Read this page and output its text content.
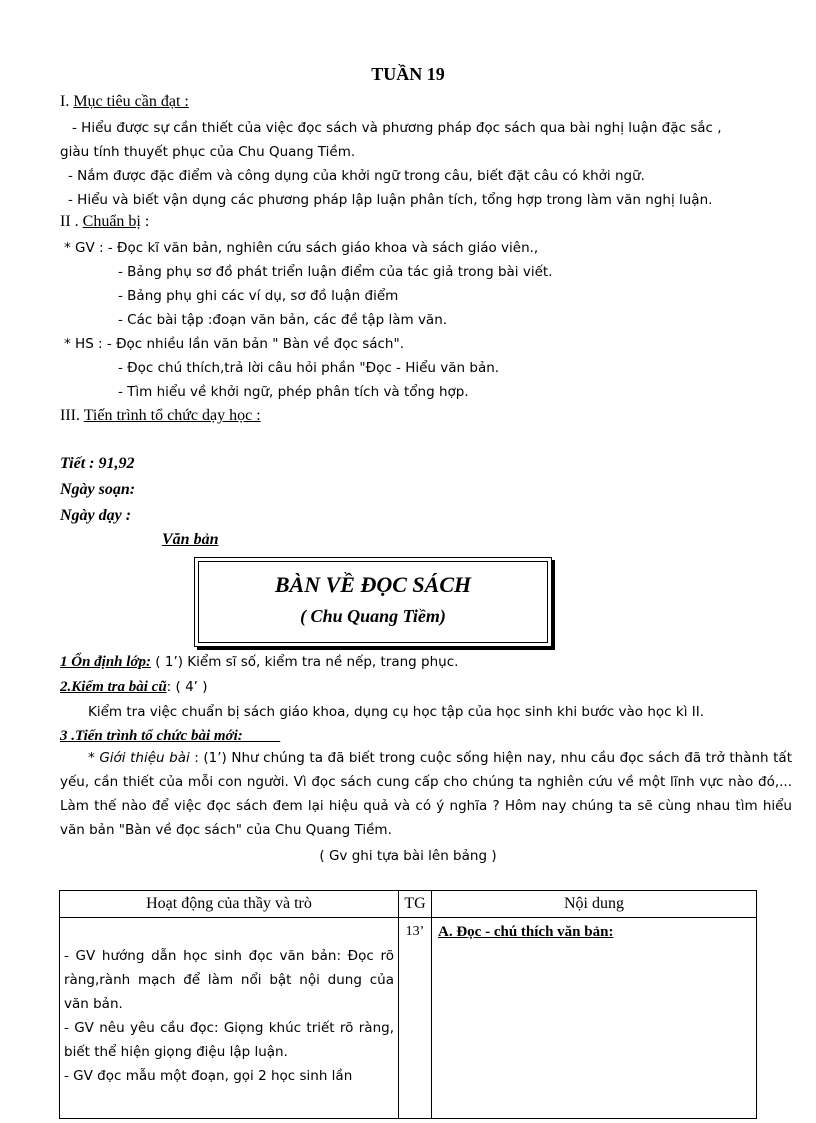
TUẦN 19
I. Mục tiêu cần đạt :
- Hiểu được sự cần thiết của việc đọc sách và phương pháp đọc sách qua bài nghị luận đặc sắc ,
giàu tính thuyết phục của Chu Quang Tiềm.
- Nắm được đặc điểm và công dụng của khởi ngữ trong câu, biết đặt câu có khởi ngữ.
- Hiểu và biết vận dụng các phương pháp lập luận phân tích, tổng hợp trong làm văn nghị luận.
II . Chuẩn bị :
* GV : - Đọc kĩ văn bản, nghiên cứu sách giáo khoa và sách giáo viên.,
- Bảng phụ sơ đồ phát triển luận điểm của tác giả trong bài viết.
- Bảng phụ ghi các ví dụ, sơ đồ luận điểm
- Các bài tập :đoạn văn bản, các đề tập làm văn.
* HS : - Đọc nhiều lần văn bản " Bàn về đọc sách".
- Đọc chú thích,trả lời câu hỏi phần "Đọc - Hiểu văn bản.
- Tìm hiểu về khởi ngữ, phép phân tích và tổng hợp.
III. Tiến trình tổ chức dạy học :
Tiết : 91,92
Ngày soạn:
Ngày dạy :
Văn bản
BÀN VỀ ĐỌC SÁCH
( Chu Quang Tiềm)
1 Ổn định lớp: ( 1’) Kiểm sĩ số, kiểm tra nề nếp, trang phục.
2.Kiểm tra bài cũ: ( 4’ )
Kiểm tra việc chuẩn bị sách giáo khoa, dụng cụ học tập của học sinh khi bước vào học kì II.
3 .Tiến trình tổ chức bài mới:
* Giới thiệu bài : (1’) Như chúng ta đã biết trong cuộc sống hiện nay, nhu cầu đọc sách đã trở thành tất yếu, cần thiết của mỗi con người. Vì đọc sách cung cấp cho chúng ta nghiên cứu về một lĩnh vực nào đó,... Làm thế nào để việc đọc sách đem lại hiệu quả và có ý nghĩa ? Hôm nay chúng ta sẽ cùng nhau tìm hiểu văn bản "Bàn về đọc sách" của Chu Quang Tiềm.
( Gv ghi tựa bài lên bảng )
Hoạt động của thầy và trò	TG	Nội dung

- GV hướng dẫn học sinh đọc văn bản: Đọc rõ ràng,rành mạch để làm nổi bật nội dung của văn bản.
- GV nêu yêu cầu đọc: Giọng khúc triết rõ ràng, biết thể hiện giọng điệu lập luận.
- GV đọc mẫu một đoạn, gọi 2 học sinh lần	13’	A. Đọc - chú thích văn bản:
